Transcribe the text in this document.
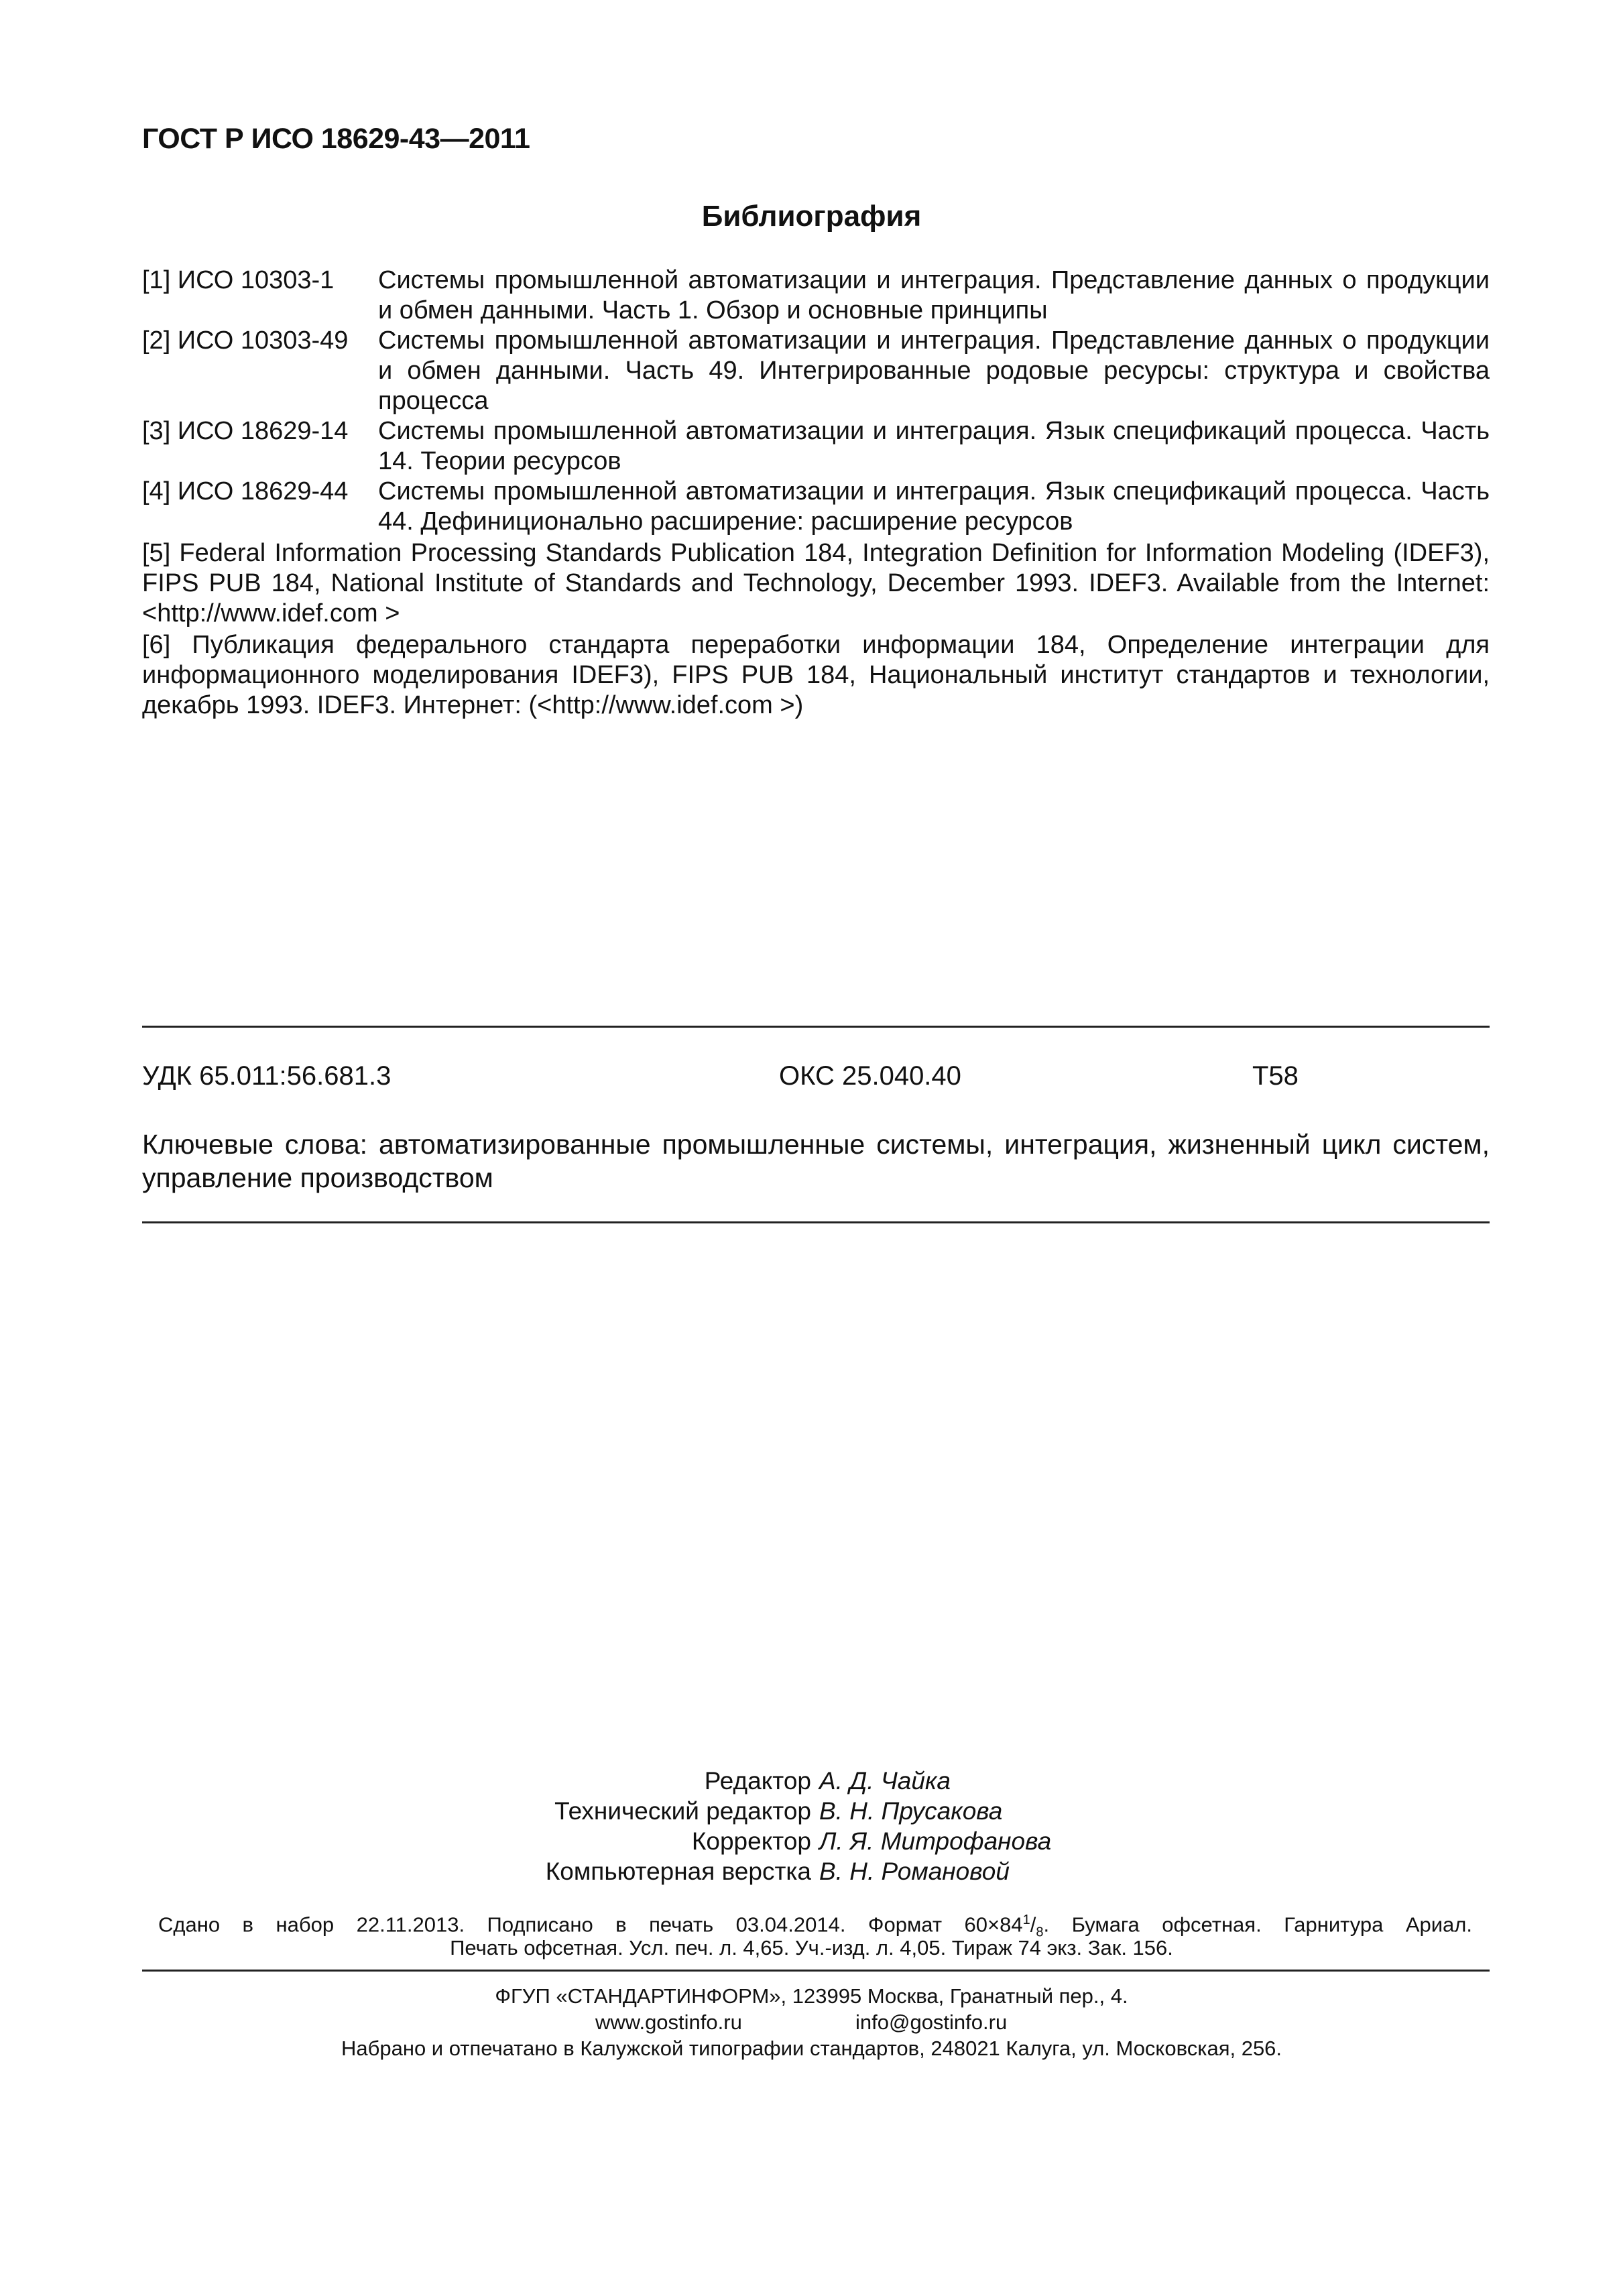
ГОСТ Р ИСО 18629-43—2011
Библиография
[1] ИСО 10303-1 Системы промышленной автоматизации и интеграция. Представление данных о продукции и обмен данными. Часть 1. Обзор и основные принципы
[2] ИСО 10303-49 Системы промышленной автоматизации и интеграция. Представление данных о продукции и обмен данными. Часть 49. Интегрированные родовые ресурсы: структура и свойства процесса
[3] ИСО 18629-14 Системы промышленной автоматизации и интеграция. Язык спецификаций процесса. Часть 14. Теории ресурсов
[4] ИСО 18629-44 Системы промышленной автоматизации и интеграция. Язык спецификаций процесса. Часть 44. Дефиниционально расширение: расширение ресурсов
[5] Federal Information Processing Standards Publication 184, Integration Definition for Information Modeling (IDEF3), FIPS PUB 184, National Institute of Standards and Technology, December 1993. IDEF3. Available from the Internet: <http://www.idef.com >
[6] Публикация федерального стандарта переработки информации 184, Определение интеграции для информационного моделирования IDEF3), FIPS PUB 184, Национальный институт стандартов и технологии, декабрь 1993. IDEF3. Интернет: (<http://www.idef.com >)
УДК 65.011:56.681.3	ОКС 25.040.40	Т58
Ключевые слова: автоматизированные промышленные системы, интеграция, жизненный цикл систем, управление производством
Редактор А. Д. Чайка
Технический редактор В. Н. Прусакова
Корректор Л. Я. Митрофанова
Компьютерная верстка В. Н. Романовой
Сдано в набор 22.11.2013. Подписано в печать 03.04.2014. Формат $60\times 84^1/_8$. Бумага офсетная. Гарнитура Ариал.
Печать офсетная. Усл. печ. л. 4,65. Уч.-изд. л. 4,05. Тираж 74 экз. Зак. 156.
ФГУП «СТАНДАРТИНФОРМ», 123995 Москва, Гранатный пер., 4.
www.gostinfo.ru	info@gostinfo.ru
Набрано и отпечатано в Калужской типографии стандартов, 248021 Калуга, ул. Московская, 256.
